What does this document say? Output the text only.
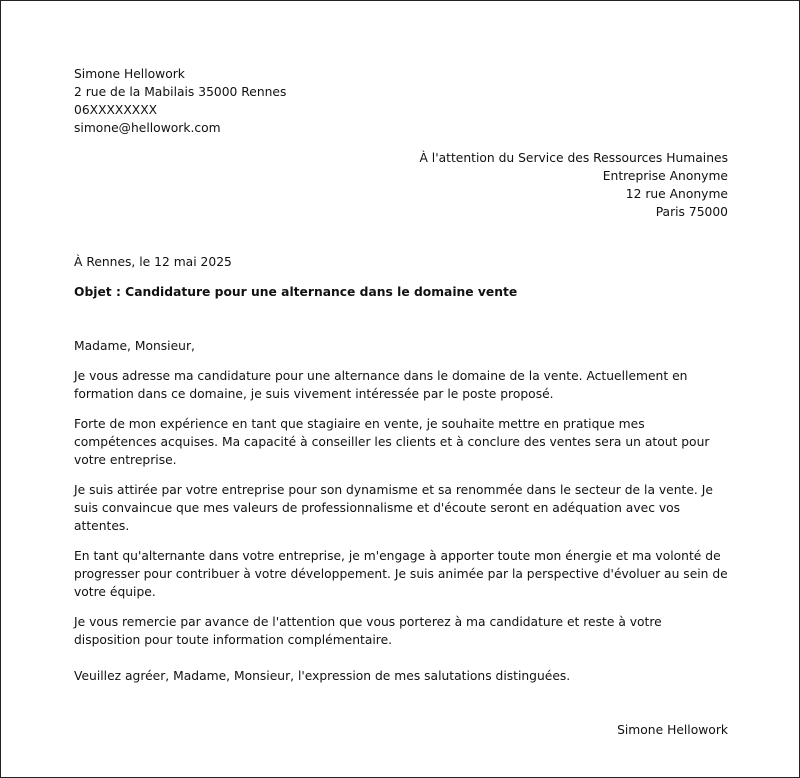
Simone Hellowork

2 rue de la Mabilais 35000 Rennes

06XXXXXXXX

simone@hellowork.com

À l'attention du Service des Ressources Humaines

Entreprise Anonyme

12 rue Anonyme

Paris 75000

À Rennes, le 12 mai 2025

Objet : Candidature pour une alternance dans le domaine vente

Madame, Monsieur,

Je vous adresse ma candidature pour une alternance dans le domaine de la vente. Actuellement en formation dans ce domaine, je suis vivement intéressée par le poste proposé.

Forte de mon expérience en tant que stagiaire en vente, je souhaite mettre en pratique mes compétences acquises. Ma capacité à conseiller les clients et à conclure des ventes sera un atout pour votre entreprise.

Je suis attirée par votre entreprise pour son dynamisme et sa renommée dans le secteur de la vente. Je suis convaincue que mes valeurs de professionnalisme et d'écoute seront en adéquation avec vos attentes.

En tant qu'alternante dans votre entreprise, je m'engage à apporter toute mon énergie et ma volonté de progresser pour contribuer à votre développement. Je suis animée par la perspective d'évoluer au sein de votre équipe.

Je vous remercie par avance de l'attention que vous porterez à ma candidature et reste à votre disposition pour toute information complémentaire.

Veuillez agréer, Madame, Monsieur, l'expression de mes salutations distinguées.

Simone Hellowork
